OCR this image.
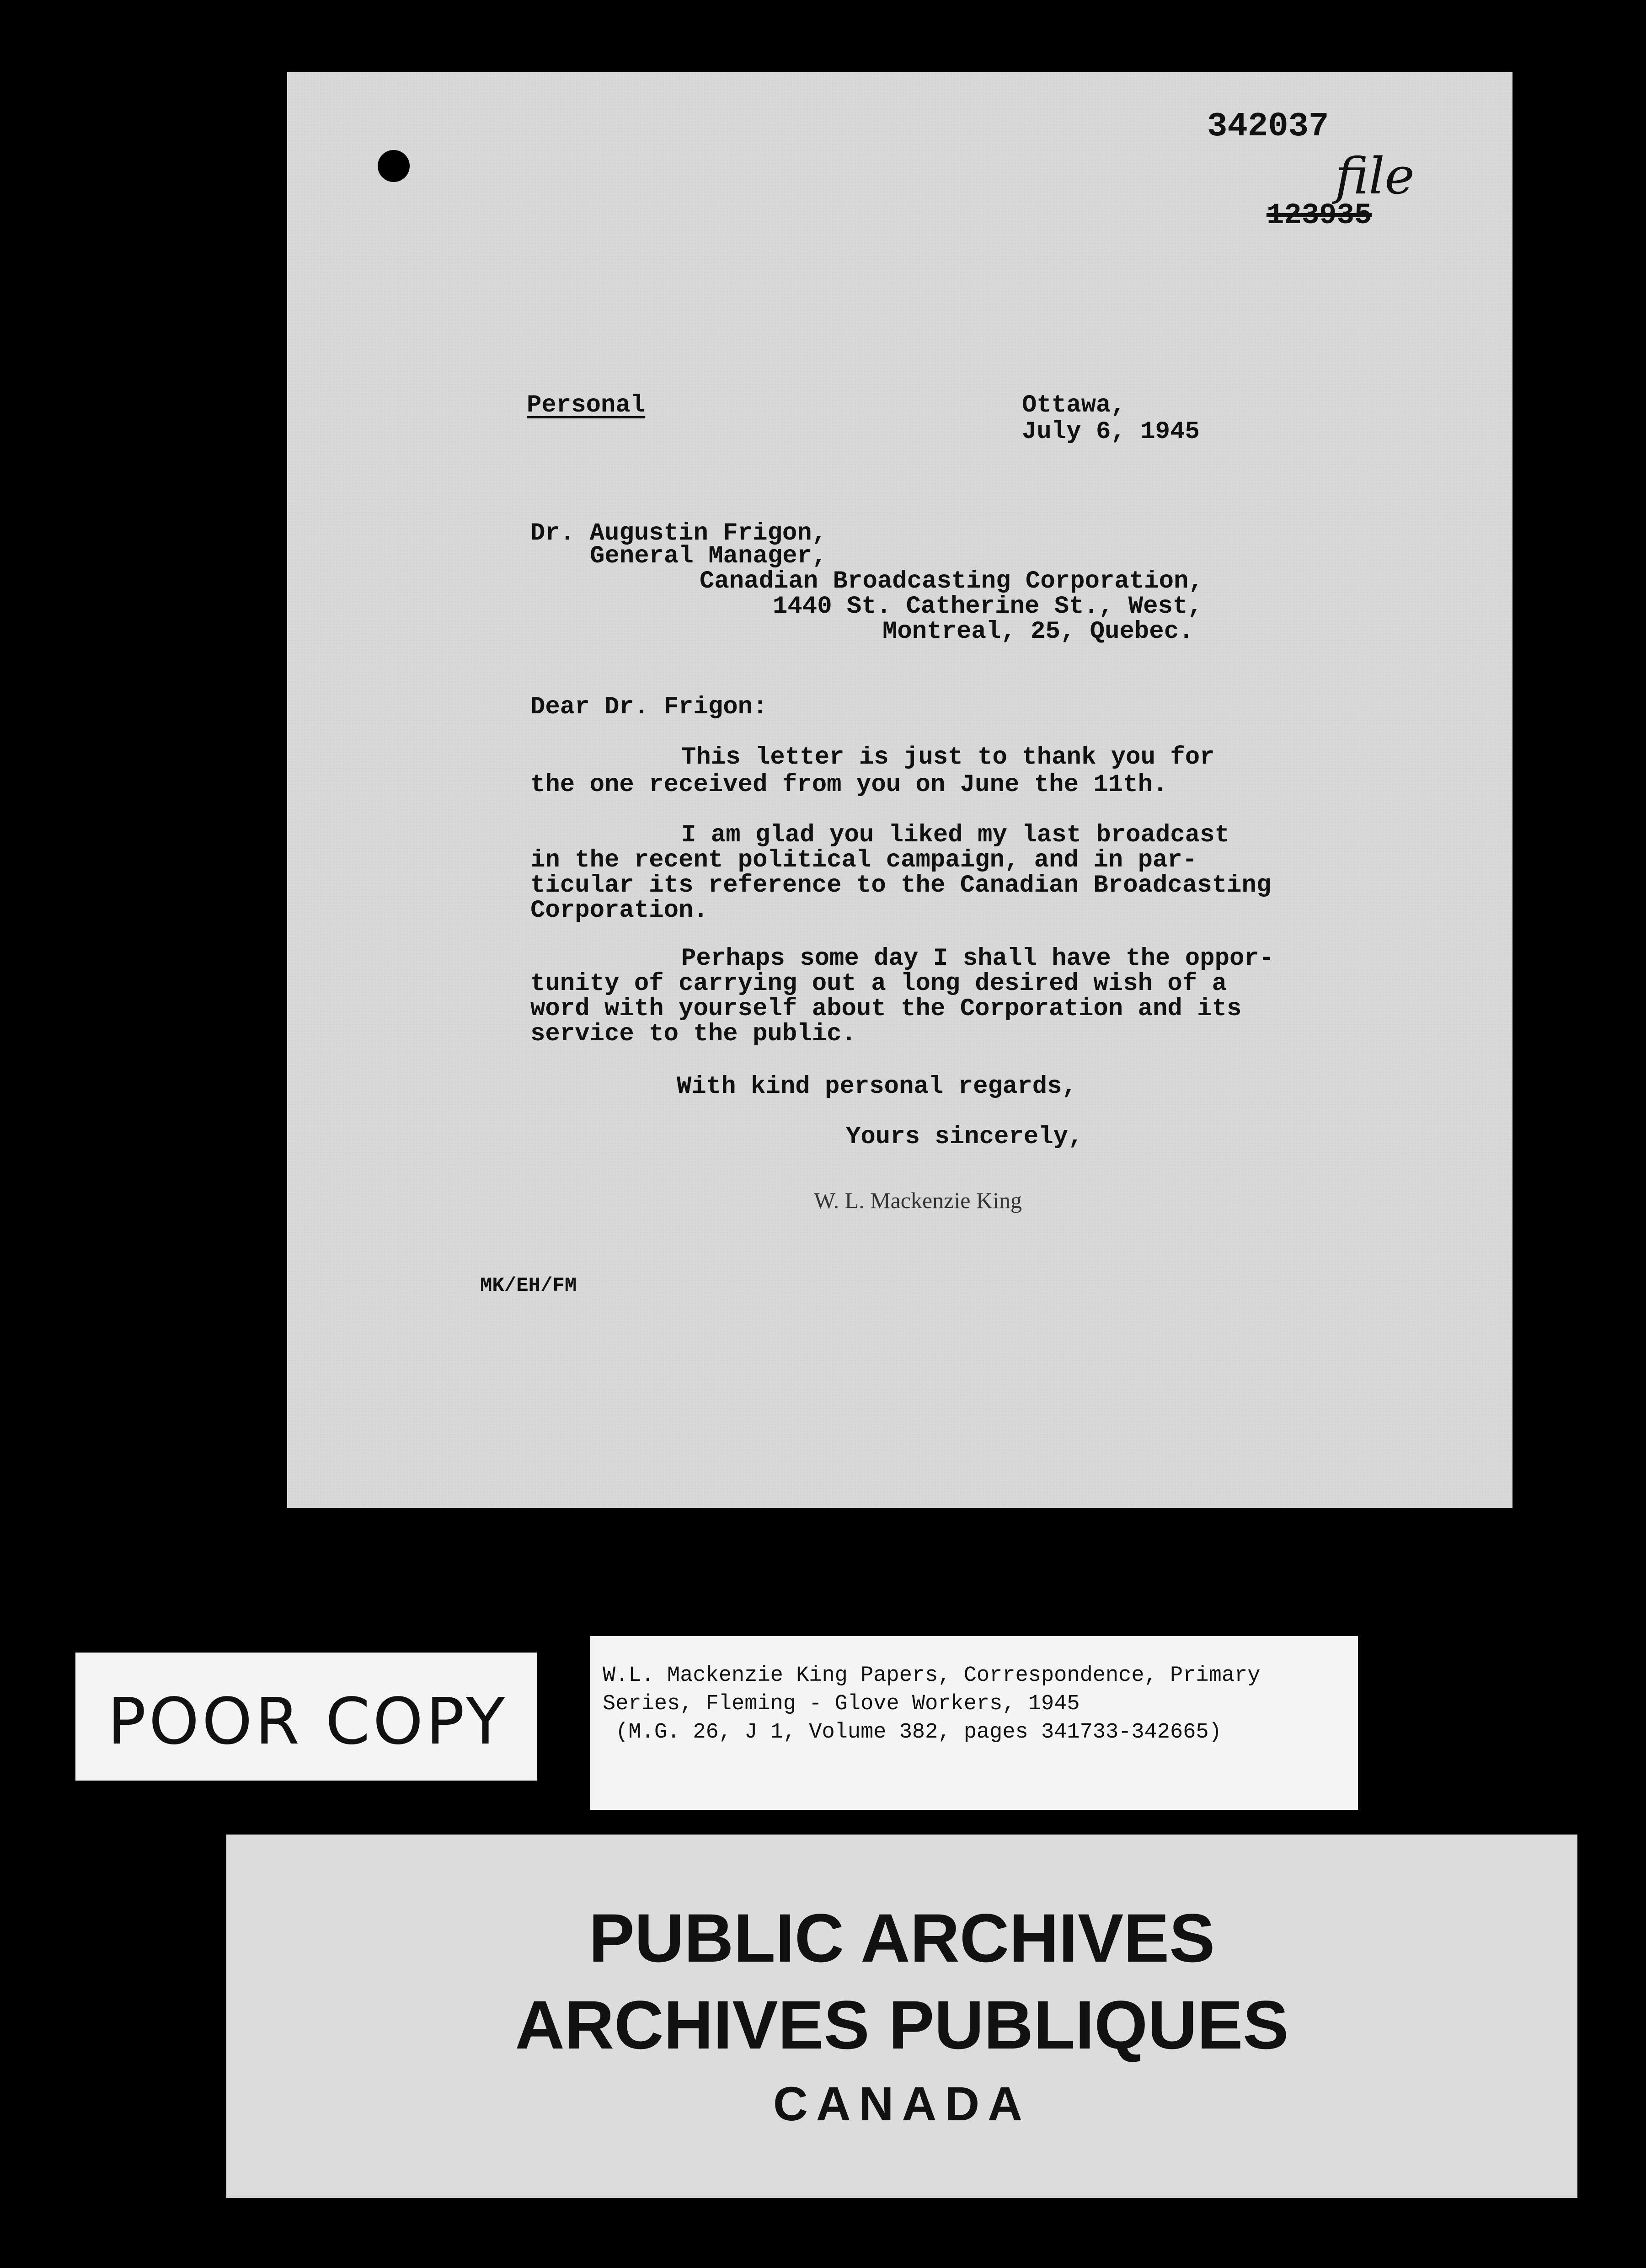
342037
file
123935
Personal	Ottawa,
July 6, 1945
Dr. Augustin Frigon,
General Manager,
Canadian Broadcasting Corporation,
1440 St. Catherine St., West,
Montreal, 25, Quebec.
Dear Dr. Frigon:
This letter is just to thank you for
the one received from you on June the 11th.
I am glad you liked my last broadcast
in the recent political campaign, and in par-
ticular its reference to the Canadian Broadcasting
Corporation.
Perhaps some day I shall have the oppor-
tunity of carrying out a long desired wish of a
word with yourself about the Corporation and its
service to the public.
With kind personal regards,
Yours sincerely,
W. L. Mackenzie King
MK/EH/FM
POOR COPY
W.L. Mackenzie King Papers, Correspondence, Primary
Series, Fleming - Glove Workers, 1945
(M.G. 26, J 1, Volume 382, pages 341733-342665)
PUBLIC ARCHIVES
ARCHIVES PUBLIQUES
CANADA
